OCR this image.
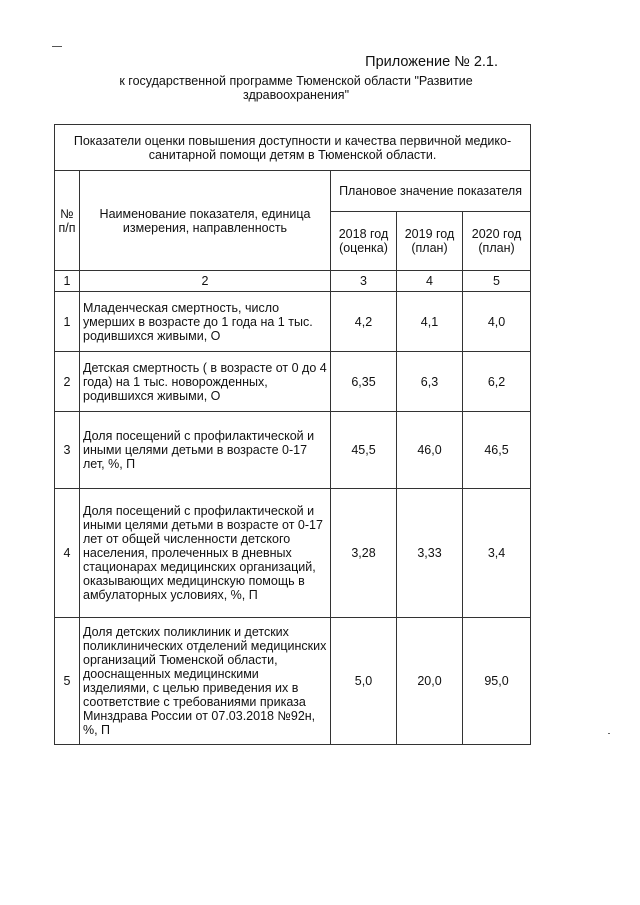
Приложение № 2.1.
к государственной программе Тюменской области "Развитие здравоохранения"
Показатели оценки повышения доступности и качества первичной медико-санитарной помощи детям в Тюменской области.				
№ п/п	Наименование показателя, единица измерения, направленность	Плановое значение показателя		
		2018 год (оценка)	2019 год (план)	2020 год (план)
1	2	3	4	5
1	Младенческая смертность, число умерших в возрасте до 1 года на 1 тыс. родившихся живыми, О	4,2	4,1	4,0
2	Детская смертность ( в возрасте от 0 до 4 года) на 1 тыс. новорожденных, родившихся живыми, О	6,35	6,3	6,2
3	Доля посещений с профилактической и иными целями детьми в возрасте 0-17 лет, %, П	45,5	46,0	46,5
4	Доля посещений с профилактической и иными целями детьми в возрасте от 0-17 лет от общей численности детского населения, пролеченных в дневных стационарах медицинских организаций, оказывающих медицинскую помощь в амбулаторных условиях, %, П	3,28	3,33	3,4
5	Доля детских поликлиник и детских поликлинических отделений медицинских организаций Тюменской области, дооснащенных медицинскими изделиями, с целью приведения их в соответствие с требованиями приказа Минздрава России от 07.03.2018 №92н, %, П	5,0	20,0	95,0
